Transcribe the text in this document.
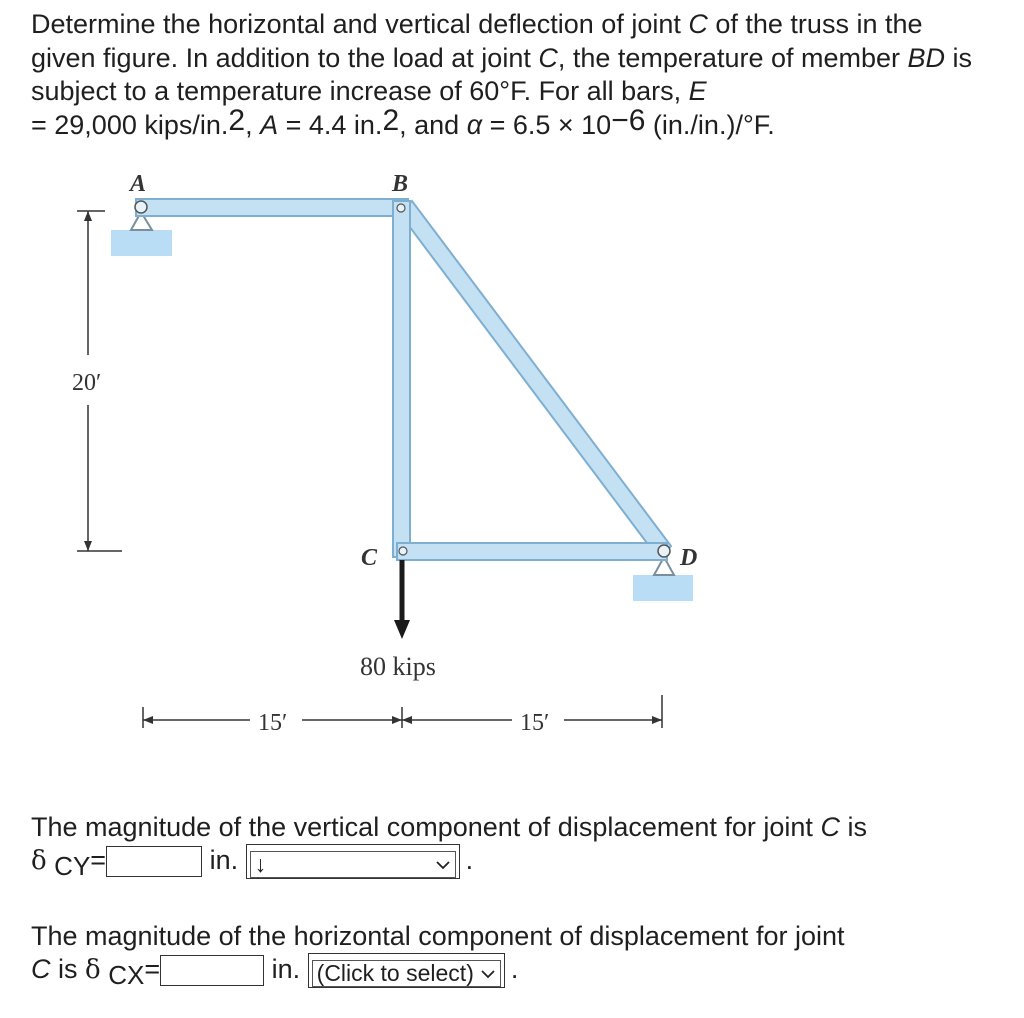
Determine the horizontal and vertical deflection of joint C of the truss in the given figure. In addition to the load at joint C, the temperature of member BD is subject to a temperature increase of 60°F. For all bars, E
= 29,000 kips/in.$^2$, A = 4.4 in.$^2$, and $\alpha = 6.5 \times 10^{-6}$ (in./in.)/°F.
A	B
C	D
20′
80 kips
15′	15′
The magnitude of the vertical component of displacement for joint C is
δ CY=	in. ↓	.
The magnitude of the horizontal component of displacement for joint
C is δ CX=	in. (Click to select) .
